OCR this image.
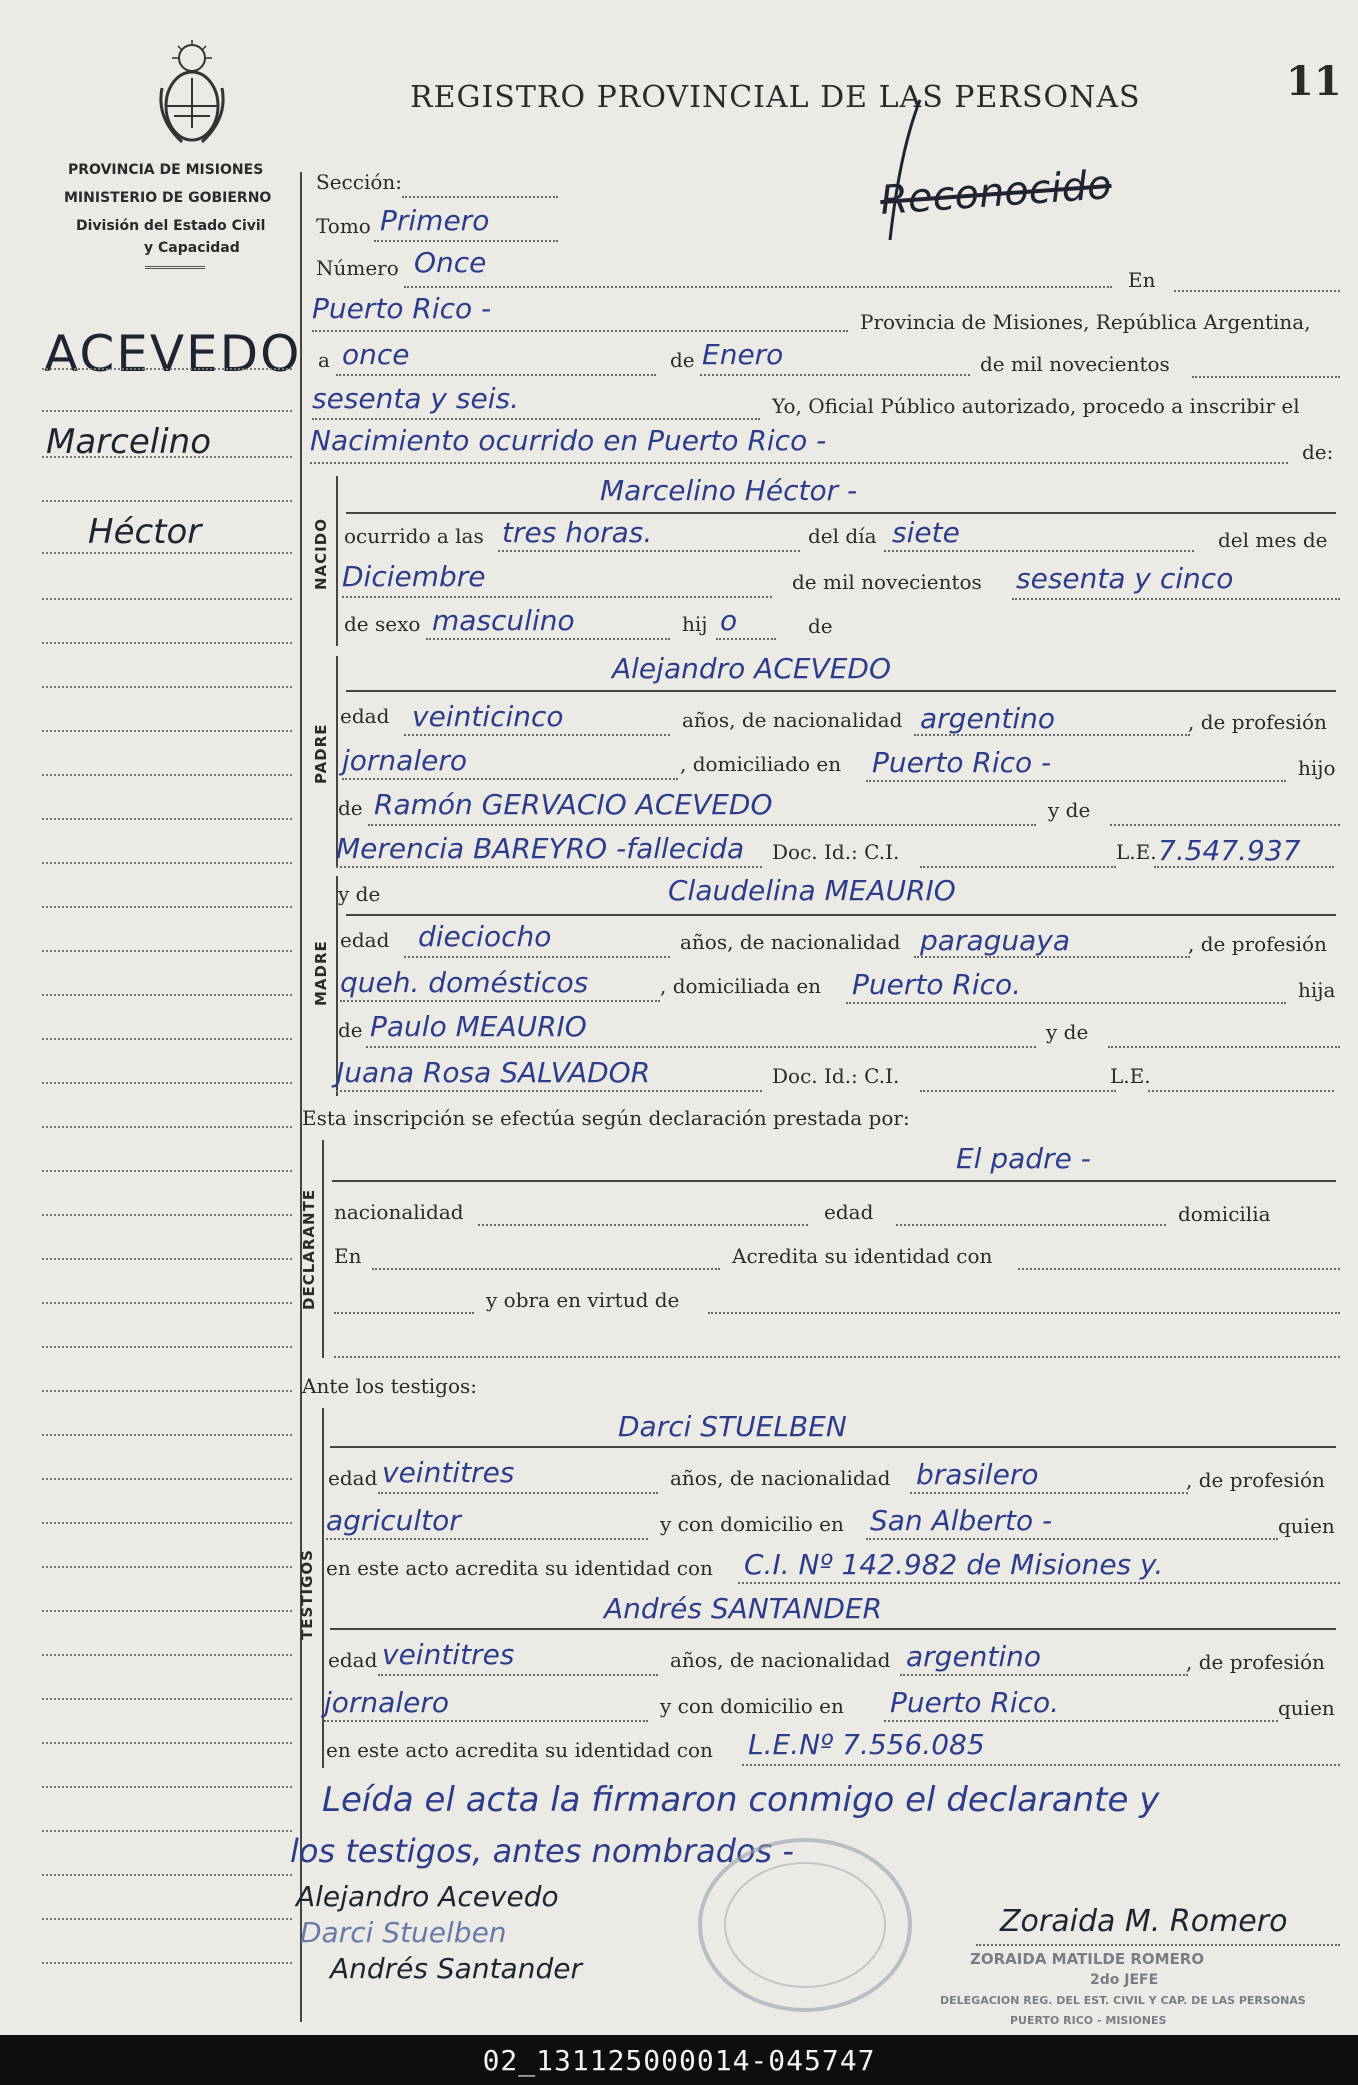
PROVINCIA DE MISIONES
MINISTERIO DE GOBIERNO
División del Estado Civil
y Capacidad
REGISTRO PROVINCIAL DE LAS PERSONAS	11
Reconocido
ACEVEDO
Marcelino
Héctor
Sección:
Tomo Primero
Número Once
En
Puerto Rico -	Provincia de Misiones, República Argentina,
a once	de Enero	de mil novecientos
sesenta y seis.	Yo, Oficial Público autorizado, procedo a inscribir el
Nacimiento ocurrido en Puerto Rico -	de:
NACIDO
Marcelino Héctor -
ocurrido a las tres horas.	del día siete	del mes de
Diciembre	de mil novecientos sesenta y cinco
de sexo masculino	hij o	de
PADRE
Alejandro ACEVEDO
edad veinticinco	años, de nacionalidad argentino	, de profesión
jornalero	, domiciliado en Puerto Rico -	hijo
de Ramón GERVACIO ACEVEDO	y de
Merencia BAREYRO -fallecida Doc. Id.: C.I.	L.E. 7.547.937
MADRE
y de	Claudelina MEAURIO
edad dieciocho	años, de nacionalidad paraguaya	, de profesión
queh. domésticos	, domiciliada en Puerto Rico.	hija
de Paulo MEAURIO	y de
Juana Rosa SALVADOR	Doc. Id.: C.I.	L.E.
Esta inscripción se efectúa según declaración prestada por:
DECLARANTE
El padre -
nacionalidad	edad	domicilia
En	Acredita su identidad con
y obra en virtud de
Ante los testigos:
TESTIGOS
Darci STUELBEN
edad veintitres	años, de nacionalidad brasilero	, de profesión
agricultor	y con domicilio en San Alberto -	quien
en este acto acredita su identidad con C.I. Nº 142.982 de Misiones y.
Andrés SANTANDER
edad veintitres	años, de nacionalidad argentino	, de profesión
jornalero	y con domicilio en Puerto Rico.	quien
en este acto acredita su identidad con L.E.Nº 7.556.085
Leída el acta la firmaron conmigo el declarante y
los testigos, antes nombrados -
Alejandro Acevedo
Darci Stuelben
Andrés Santander
Zoraida M. Romero
ZORAIDA MATILDE ROMERO
2do JEFE
DELEGACION REG. DEL EST. CIVIL Y CAP. DE LAS PERSONAS
PUERTO RICO - MISIONES
02_131125000014-045747
